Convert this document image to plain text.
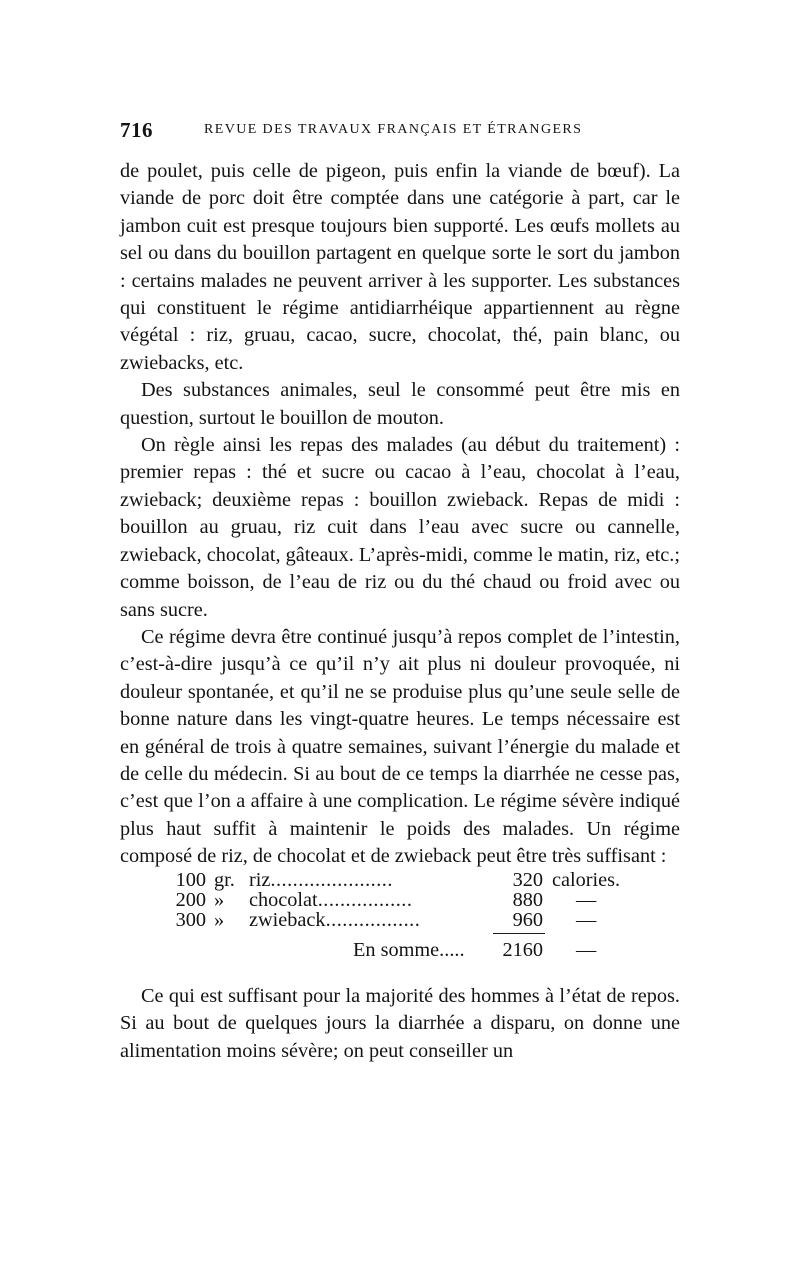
716	REVUE DES TRAVAUX FRANÇAIS ET ÉTRANGERS

de poulet, puis celle de pigeon, puis enfin la viande de bœuf). La viande de porc doit être comptée dans une catégorie à part, car le jambon cuit est presque toujours bien supporté. Les œufs mollets au sel ou dans du bouillon partagent en quelque sorte le sort du jambon : certains malades ne peuvent arriver à les supporter. Les substances qui constituent le régime antidiarrhéique appartiennent au règne végétal : riz, gruau, cacao, sucre, chocolat, thé, pain blanc, ou zwiebacks, etc.

Des substances animales, seul le consommé peut être mis en question, surtout le bouillon de mouton.

On règle ainsi les repas des malades (au début du traitement) : premier repas : thé et sucre ou cacao à l’eau, chocolat à l’eau, zwieback; deuxième repas : bouillon zwieback. Repas de midi : bouillon au gruau, riz cuit dans l’eau avec sucre ou cannelle, zwieback, chocolat, gâteaux. L’après-midi, comme le matin, riz, etc.; comme boisson, de l’eau de riz ou du thé chaud ou froid avec ou sans sucre.

Ce régime devra être continué jusqu’à repos complet de l’intestin, c’est-à-dire jusqu’à ce qu’il n’y ait plus ni douleur provoquée, ni douleur spontanée, et qu’il ne se produise plus qu’une seule selle de bonne nature dans les vingt-quatre heures. Le temps nécessaire est en général de trois à quatre semaines, suivant l’énergie du malade et de celle du médecin. Si au bout de ce temps la diarrhée ne cesse pas, c’est que l’on a affaire à une complication. Le régime sévère indiqué plus haut suffit à maintenir le poids des malades. Un régime composé de riz, de chocolat et de zwieback peut être très suffisant :

100 gr. riz......................	320 calories.
200 » chocolat.................	880 —
300 » zwieback.................	960 —
En somme.....	2160 —

Ce qui est suffisant pour la majorité des hommes à l’état de repos. Si au bout de quelques jours la diarrhée a disparu, on donne une alimentation moins sévère; on peut conseiller un
